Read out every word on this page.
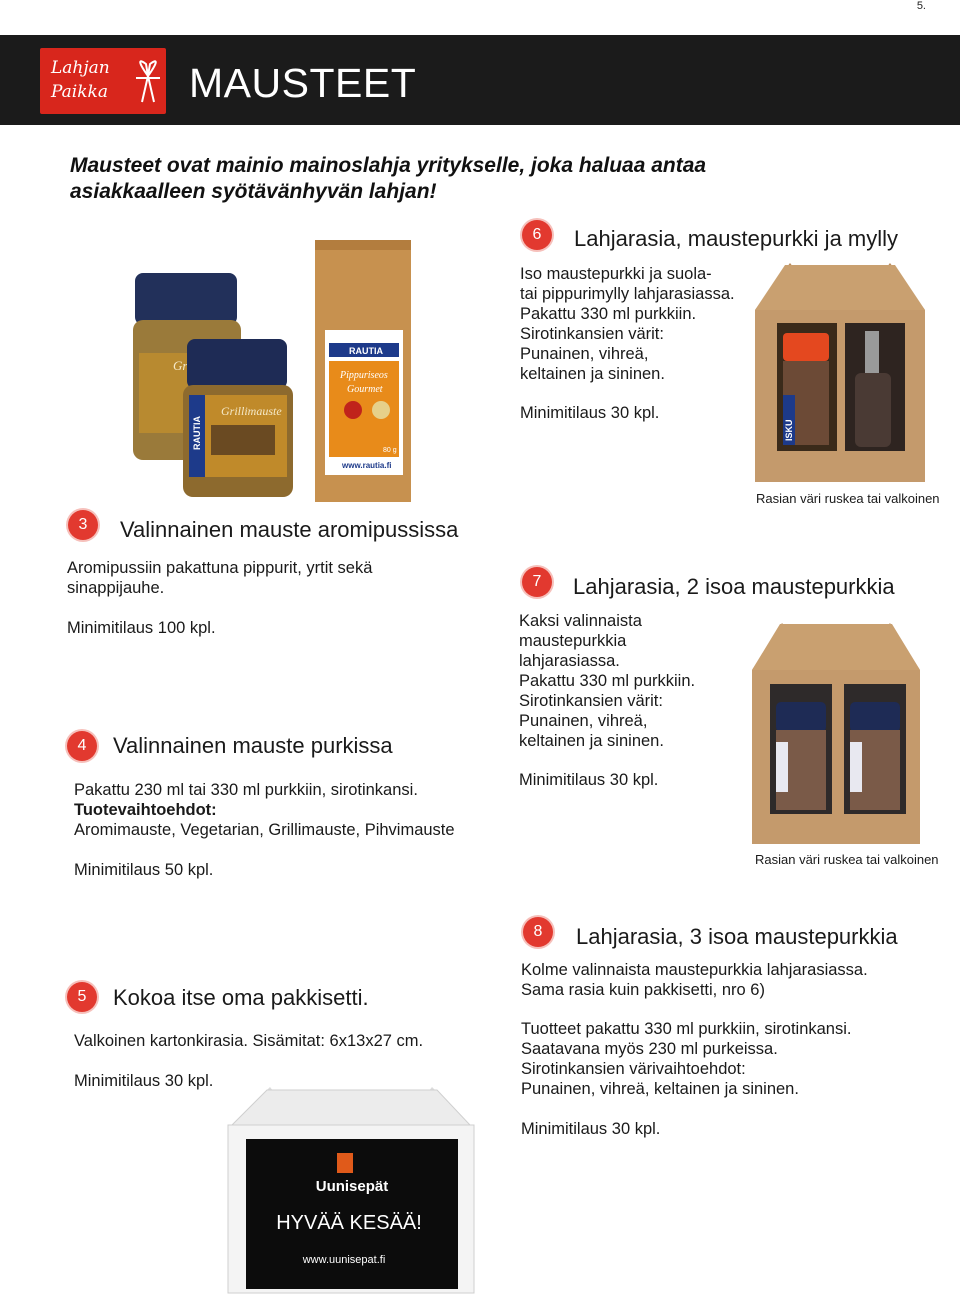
5.
Lahjan
Paikka MAUSTEET
Mausteet ovat mainio mainoslahja yritykselle, joka haluaa antaa asiakkaalleen syötävänhyvän lahjan!
Gr
RAUTIA
Grillimauste
RAUTIA
Pippuriseos
Gourmet
80 g
www.rautia.fi
6	Lahjarasia, maustepurkki ja mylly

Iso maustepurkki ja suola-

tai pippurimylly lahjarasiassa.

Pakattu 330 ml purkkiin.

Sirotinkansien värit:

Punainen, vihreä,

keltainen ja sininen.

Minimitilaus 30 kpl.
ISKU
Rasian väri ruskea tai valkoinen
3	Valinnainen mauste aromipussissa

Aromipussiin pakattuna pippurit, yrtit sekä

sinappijauhe.

Minimitilaus 100 kpl.
7	Lahjarasia, 2 isoa maustepurkkia

Kaksi valinnaista

maustepurkkia

lahjarasiassa.

Pakattu 330 ml purkkiin.

Sirotinkansien värit:

Punainen, vihreä,

keltainen ja sininen.

Minimitilaus 30 kpl.
Rasian väri ruskea tai valkoinen
4	Valinnainen mauste purkissa

Pakattu 230 ml tai 330 ml purkkiin, sirotinkansi.

Tuotevaihtoehdot:

Aromimauste, Vegetarian, Grillimauste, Pihvimauste

Minimitilaus 50 kpl.
8	Lahjarasia, 3 isoa maustepurkkia

Kolme valinnaista maustepurkkia lahjarasiassa.

Sama rasia kuin pakkisetti, nro 6)

Tuotteet pakattu 330 ml purkkiin, sirotinkansi.

Saatavana myös 230 ml purkeissa.

Sirotinkansien värivaihtoehdot:

Punainen, vihreä, keltainen ja sininen.

Minimitilaus 30 kpl.
5	Kokoa itse oma pakkisetti.
Valkoinen kartonkirasia. Sisämitat: 6x13x27 cm.
Minimitilaus 30 kpl.
Uunisepät
HYVÄÄ KESÄÄ!
www.uunisepat.fi
